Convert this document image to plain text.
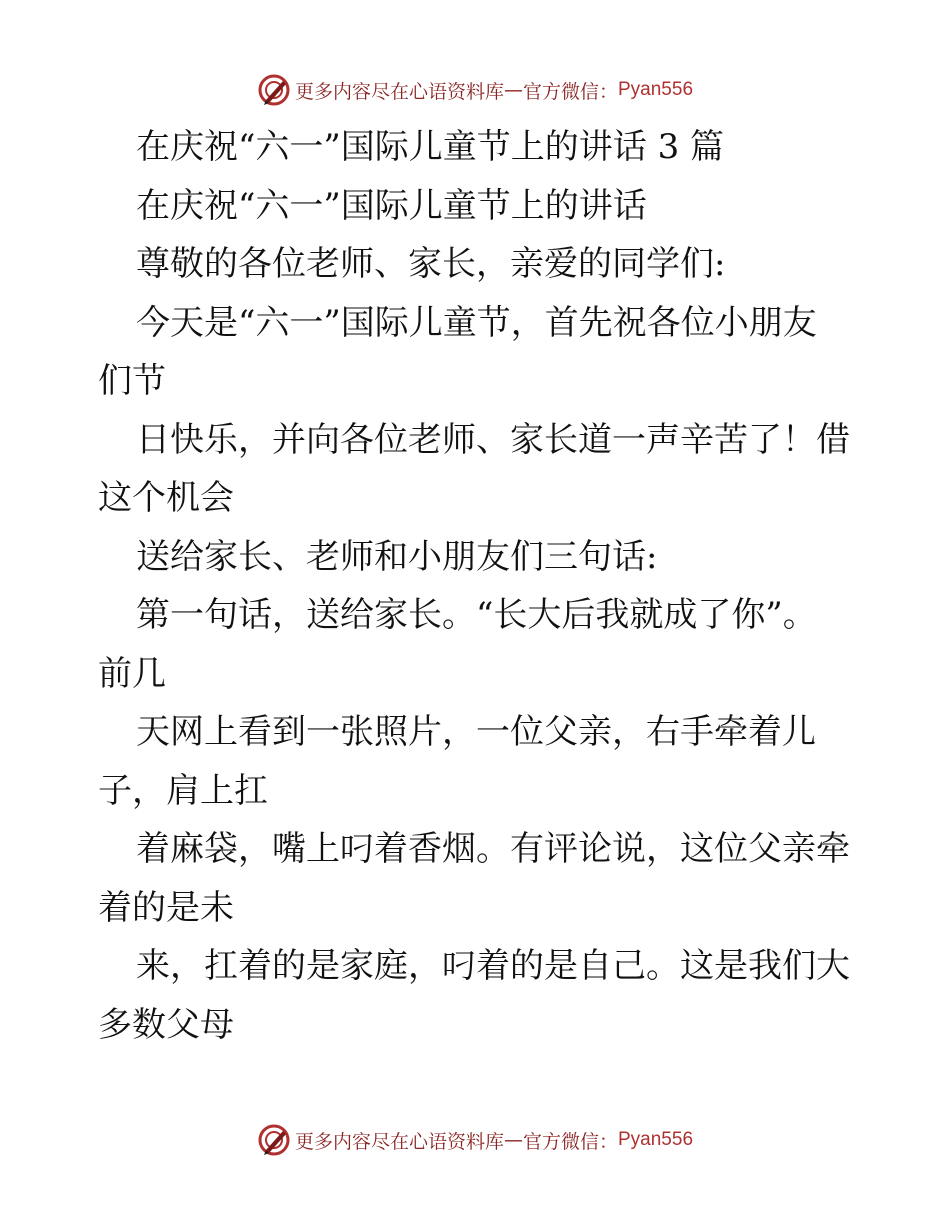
更多内容尽在心语资料库 — 官方微信： Pyan556
在庆祝“六一”国际儿童节上的讲话 3 篇
在庆祝“六一”国际儿童节上的讲话
尊敬的各位老师、家长，亲爱的同学们:
今天是“六一”国际儿童节，首先祝各位小朋友
们节
日快乐，并向各位老师、家长道一声辛苦了！借
这个机会
送给家长、老师和小朋友们三句话:
第一句话，送给家长。“长大后我就成了你”。
前几
天网上看到一张照片，一位父亲，右手牵着儿
子，肩上扛
着麻袋，嘴上叼着香烟。有评论说，这位父亲牵
着的是未
来，扛着的是家庭，叼着的是自己。这是我们大
多数父母
更多内容尽在心语资料库 — 官方微信： Pyan556
